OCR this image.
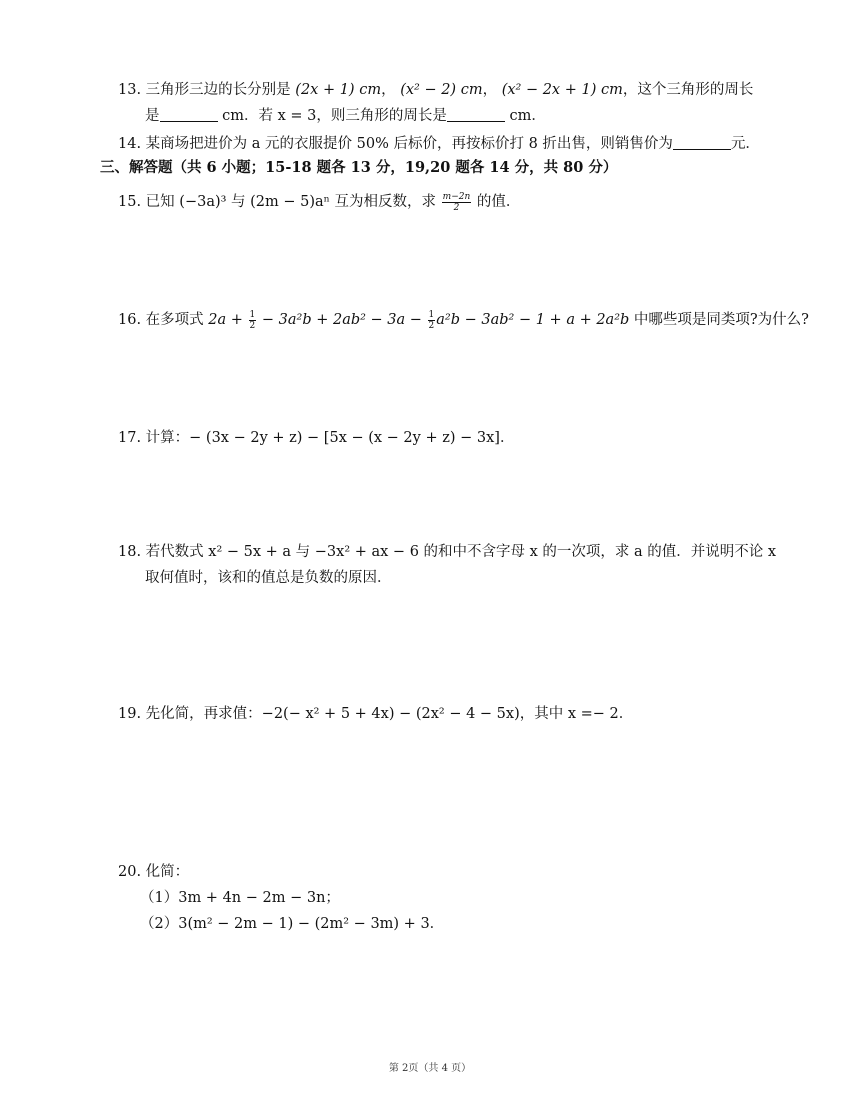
13. 三角形三边的长分别是 (2x + 1) cm， (x² − 2) cm， (x² − 2x + 1) cm，这个三角形的周长
是	cm．若 x = 3，则三角形的周长是	cm．
14. 某商场把进价为 a 元的衣服提价 50% 后标价，再按标价打 8 折出售，则销售价为	元．
三、解答题（共 6 小题；15-18 题各 13 分，19,20 题各 14 分，共 80 分）
15. 已知 (−3a)³ 与 (2m − 5)aⁿ 互为相反数，求 $\frac{m-2n}{2}$ 的值．
16. 在多项式 $2a + \frac{1}{2} - 3a^2b + 2ab^2 - 3a - \frac{1}{2} a^2b - 3ab^2 - 1 + a + 2a^2b$ 中哪些项是同类项?为什么?
17. 计算：− (3x − 2y + z) − [5x − (x − 2y + z) − 3x]．
18. 若代数式 x² − 5x + a 与 −3x² + ax − 6 的和中不含字母 x 的一次项，求 a 的值．并说明不论 x
取何值时，该和的值总是负数的原因．
19. 先化简，再求值：−2(− x² + 5 + 4x) − (2x² − 4 − 5x)，其中 x =− 2．
20. 化简：
（1）3m + 4n − 2m − 3n；
（2）3(m² − 2m − 1) − (2m² − 3m) + 3．
第 2页（共 4 页）
